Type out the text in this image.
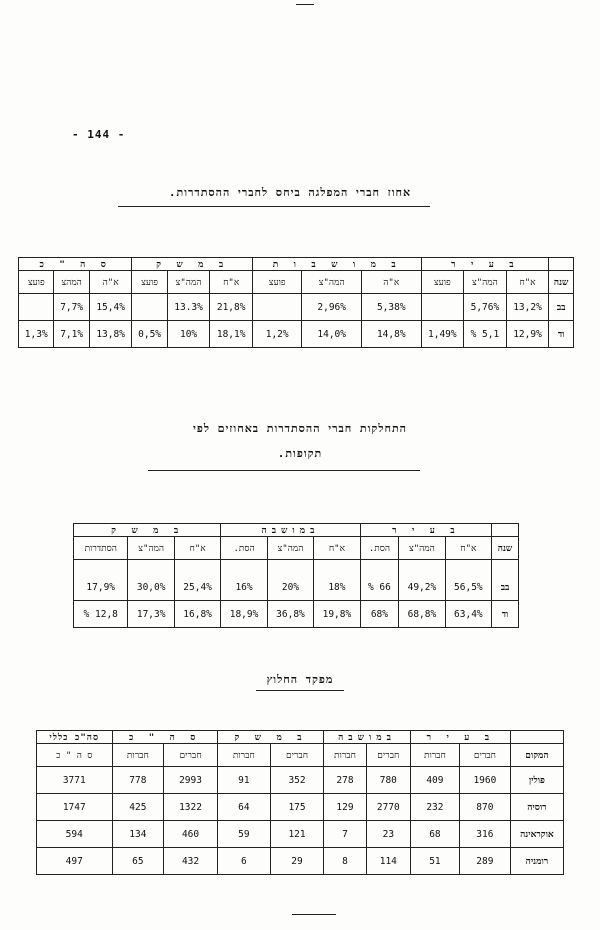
- 144 -
אחוז חברי המפלגה ביחס לחברי ההסתדרות.
	ב ע י ר			ב מ ו ש ב ו ת			ב מ ש ק			ס ה " כ		
שנה	א"ח	המה"צ	פועצ	א"ה	המה"צ	פועצ	א"ח	המה"צ	פועצ	א"ה	המהצ	פועצ
בב	13,2%	5,76%		5,38%	2,96%		21,8%	13.3%		15,4%	7,7%	
וד	12,9%	5,1 %	1,49%	14,8%	14,0%	1,2%	18,1%	10%	0,5%	13,8%	7,1%	1,3%
התחלקות חברי ההסתדרות באחוזים לפי
תקופות.
	ב ע י ר			במושבה			ב מ ש ק		
שנה	א"ח	המה"צ	הסת.	א"ח	המה"צ	הסת.	א"ח	המה"צ	הסתדרות

בב	56,5%	49,2%	66 %	18%	20%	16%	25,4%	30,0%	17,9%
וד	63,4%	68,8%	68%	19,8%	36,8%	18,9%	16,8%	17,3%	12,8 %
מפקד החלוץ
	ב ע י ר		במושבה		ב מ ש ק		ס ה " כ		סה"כ כללי
המקום	חברים	חברות	חברים	חברות	חברים	חברות	חברים	חברות	ס ה " כ
פולין	1960	409	780	278	352	91	2993	778	3771
רוסיה	870	232	2770	129	175	64	1322	425	1747
אוקראינה	316	68	23	7	121	59	460	134	594
רומניה	289	51	114	8	29	6	432	65	497
